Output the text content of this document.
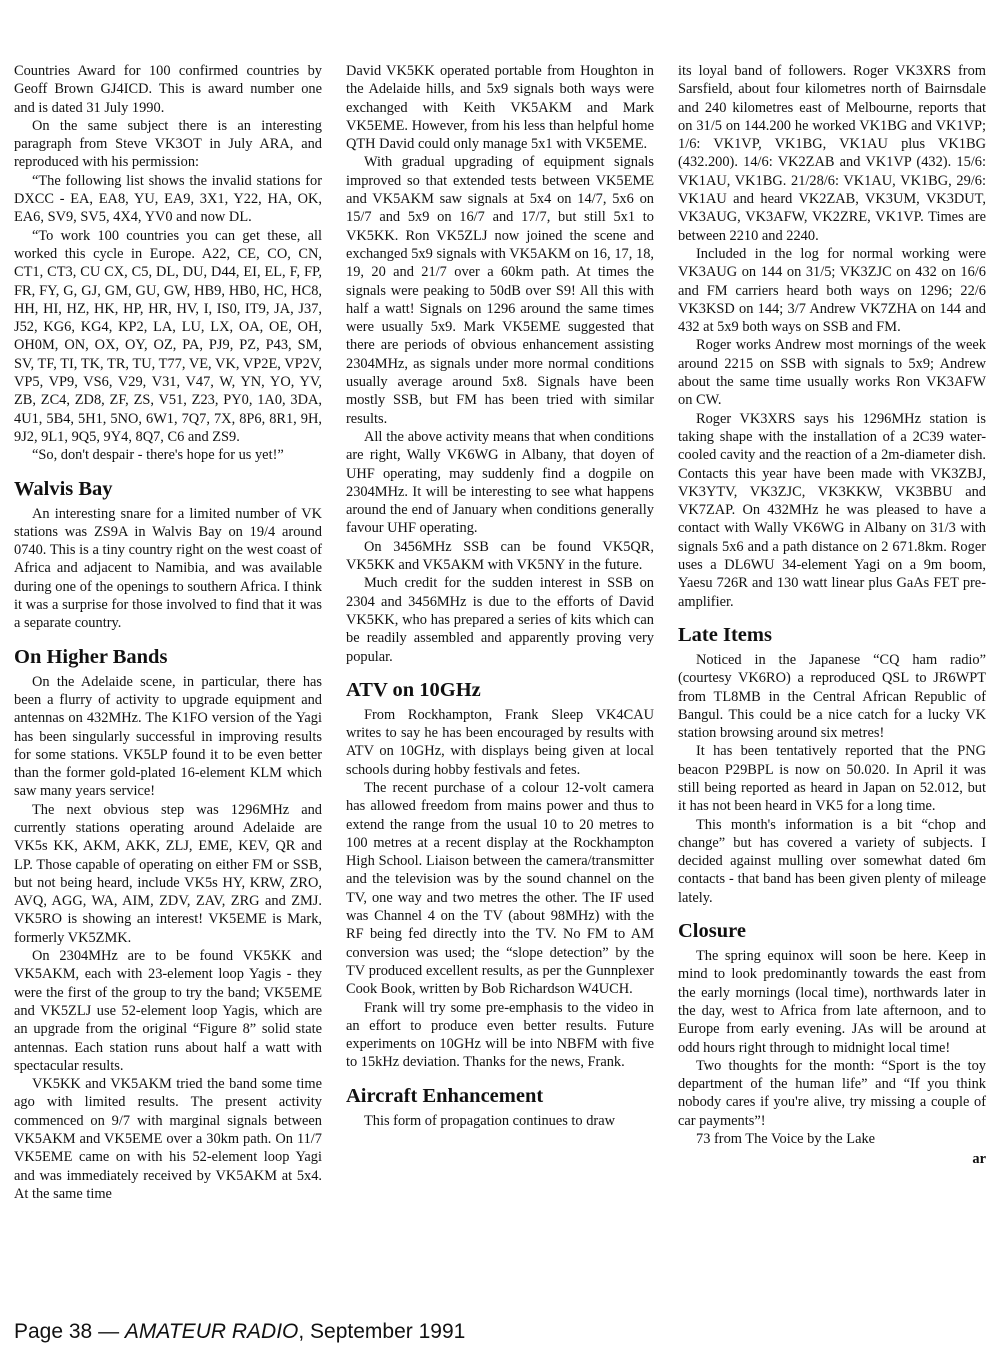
Countries Award for 100 confirmed countries by Geoff Brown GJ4ICD. This is award number one and is dated 31 July 1990.

On the same subject there is an interesting paragraph from Steve VK3OT in July ARA, and reproduced with his permission:

“The following list shows the invalid stations for DXCC - EA, EA8, YU, EA9, 3X1, Y22, HA, OK, EA6, SV9, SV5, 4X4, YV0 and now DL.

“To work 100 countries you can get these, all worked this cycle in Europe. A22, CE, CO, CN, CT1, CT3, CU CX, C5, DL, DU, D44, EI, EL, F, FP, FR, FY, G, GJ, GM, GU, GW, HB9, HB0, HC, HC8, HH, HI, HZ, HK, HP, HR, HV, I, IS0, IT9, JA, J37, J52, KG6, KG4, KP2, LA, LU, LX, OA, OE, OH, OH0M, ON, OX, OY, OZ, PA, PJ9, PZ, P43, SM, SV, TF, TI, TK, TR, TU, T77, VE, VK, VP2E, VP2V, VP5, VP9, VS6, V29, V31, V47, W, YN, YO, YV, ZB, ZC4, ZD8, ZF, ZS, V51, Z23, PY0, 1A0, 3DA, 4U1, 5B4, 5H1, 5NO, 6W1, 7Q7, 7X, 8P6, 8R1, 9H, 9J2, 9L1, 9Q5, 9Y4, 8Q7, C6 and ZS9.

“So, don't despair - there's hope for us yet!”

Walvis Bay

An interesting snare for a limited number of VK stations was ZS9A in Walvis Bay on 19/4 around 0740. This is a tiny country right on the west coast of Africa and adjacent to Namibia, and was available during one of the openings to southern Africa. I think it was a surprise for those involved to find that it was a separate country.

On Higher Bands

On the Adelaide scene, in particular, there has been a flurry of activity to upgrade equipment and antennas on 432MHz. The K1FO version of the Yagi has been singularly successful in improving results for some stations. VK5LP found it to be even better than the former gold-plated 16-element KLM which saw many years service!

The next obvious step was 1296MHz and currently stations operating around Adelaide are VK5s KK, AKM, AKK, ZLJ, EME, KEV, QR and LP. Those capable of operating on either FM or SSB, but not being heard, include VK5s HY, KRW, ZRO, AVQ, AGG, WA, AIM, ZDV, ZAV, ZRG and ZMJ. VK5RO is showing an interest! VK5EME is Mark, formerly VK5ZMK.

On 2304MHz are to be found VK5KK and VK5AKM, each with 23-element loop Yagis - they were the first of the group to try the band; VK5EME and VK5ZLJ use 52-element loop Yagis, which are an upgrade from the original “Figure 8” solid state antennas. Each station runs about half a watt with spectacular results.

VK5KK and VK5AKM tried the band some time ago with limited results. The present activity commenced on 9/7 with marginal signals between VK5AKM and VK5EME over a 30km path. On 11/7 VK5EME came on with his 52-element loop Yagi and was immediately received by VK5AKM at 5x4. At the same time

David VK5KK operated portable from Houghton in the Adelaide hills, and 5x9 signals both ways were exchanged with Keith VK5AKM and Mark VK5EME. However, from his less than helpful home QTH David could only manage 5x1 with VK5EME.

With gradual upgrading of equipment signals improved so that extended tests between VK5EME and VK5AKM saw signals at 5x4 on 14/7, 5x6 on 15/7 and 5x9 on 16/7 and 17/7, but still 5x1 to VK5KK. Ron VK5ZLJ now joined the scene and exchanged 5x9 signals with VK5AKM on 16, 17, 18, 19, 20 and 21/7 over a 60km path. At times the signals were peaking to 50dB over S9! All this with half a watt! Signals on 1296 around the same times were usually 5x9. Mark VK5EME suggested that there are periods of obvious enhancement assisting 2304MHz, as signals under more normal conditions usually average around 5x8. Signals have been mostly SSB, but FM has been tried with similar results.

All the above activity means that when conditions are right, Wally VK6WG in Albany, that doyen of UHF operating, may suddenly find a dogpile on 2304MHz. It will be interesting to see what happens around the end of January when conditions generally favour UHF operating.

On 3456MHz SSB can be found VK5QR, VK5KK and VK5AKM with VK5NY in the future.

Much credit for the sudden interest in SSB on 2304 and 3456MHz is due to the efforts of David VK5KK, who has prepared a series of kits which can be readily assembled and apparently proving very popular.

ATV on 10GHz

From Rockhampton, Frank Sleep VK4CAU writes to say he has been encouraged by results with ATV on 10GHz, with displays being given at local schools during hobby festivals and fetes.

The recent purchase of a colour 12-volt camera has allowed freedom from mains power and thus to extend the range from the usual 10 to 20 metres to 100 metres at a recent display at the Rockhampton High School. Liaison between the camera/transmitter and the television was by the sound channel on the TV, one way and two metres the other. The IF used was Channel 4 on the TV (about 98MHz) with the RF being fed directly into the TV. No FM to AM conversion was used; the “slope detection” by the TV produced excellent results, as per the Gunnplexer Cook Book, written by Bob Richardson W4UCH.

Frank will try some pre-emphasis to the video in an effort to produce even better results. Future experiments on 10GHz will be into NBFM with five to 15kHz deviation. Thanks for the news, Frank.

Aircraft Enhancement

This form of propagation continues to draw

its loyal band of followers. Roger VK3XRS from Sarsfield, about four kilometres north of Bairnsdale and 240 kilometres east of Melbourne, reports that on 31/5 on 144.200 he worked VK1BG and VK1VP; 1/6: VK1VP, VK1BG, VK1AU plus VK1BG (432.200). 14/6: VK2ZAB and VK1VP (432). 15/6: VK1AU, VK1BG. 21/28/6: VK1AU, VK1BG, 29/6: VK1AU and heard VK2ZAB, VK3UM, VK3DUT, VK3AUG, VK3AFW, VK2ZRE, VK1VP. Times are between 2210 and 2240.

Included in the log for normal working were VK3AUG on 144 on 31/5; VK3ZJC on 432 on 16/6 and FM carriers heard both ways on 1296; 22/6 VK3KSD on 144; 3/7 Andrew VK7ZHA on 144 and 432 at 5x9 both ways on SSB and FM.

Roger works Andrew most mornings of the week around 2215 on SSB with signals to 5x9; Andrew about the same time usually works Ron VK3AFW on CW.

Roger VK3XRS says his 1296MHz station is taking shape with the installation of a 2C39 water-cooled cavity and the reaction of a 2m-diameter dish. Contacts this year have been made with VK3ZBJ, VK3YTV, VK3ZJC, VK3KKW, VK3BBU and VK7ZAP. On 432MHz he was pleased to have a contact with Wally VK6WG in Albany on 31/3 with signals 5x6 and a path distance on 2 671.8km. Roger uses a DL6WU 34-element Yagi on a 9m boom, Yaesu 726R and 130 watt linear plus GaAs FET pre-amplifier.

Late Items

Noticed in the Japanese “CQ ham radio” (courtesy VK6RO) a reproduced QSL to JR6WPT from TL8MB in the Central African Republic of Bangul. This could be a nice catch for a lucky VK station browsing around six metres!

It has been tentatively reported that the PNG beacon P29BPL is now on 50.020. In April it was still being reported as heard in Japan on 52.012, but it has not been heard in VK5 for a long time.

This month's information is a bit “chop and change” but has covered a variety of subjects. I decided against mulling over somewhat dated 6m contacts - that band has been given plenty of mileage lately.

Closure

The spring equinox will soon be here. Keep in mind to look predominantly towards the east from the early mornings (local time), northwards later in the day, west to Africa from late afternoon, and to Europe from early evening. JAs will be around at odd hours right through to midnight local time!

Two thoughts for the month: “Sport is the toy department of the human life” and “If you think nobody cares if you're alive, try missing a couple of car payments”!

73 from The Voice by the Lake

ar
Page 38 — AMATEUR RADIO, September 1991
